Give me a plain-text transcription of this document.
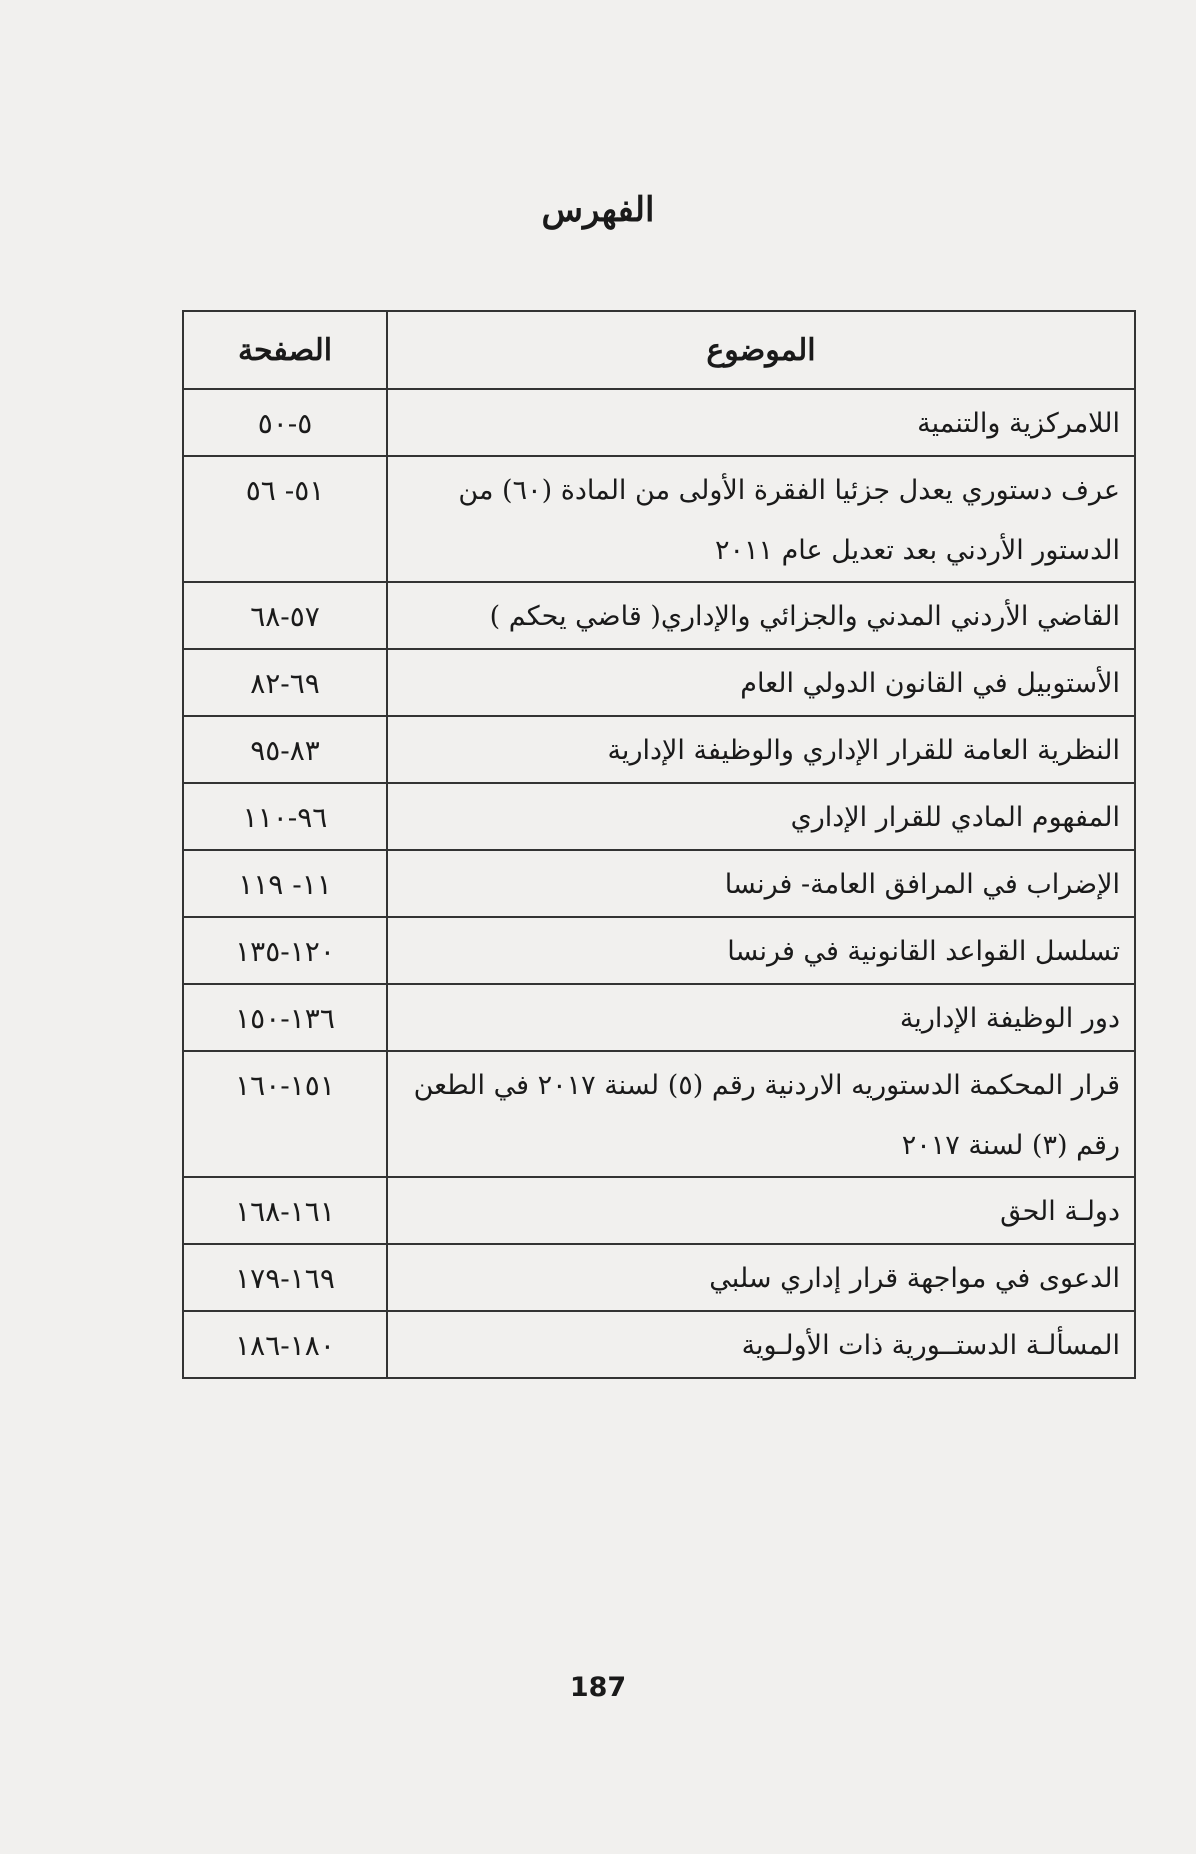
الفهرس
الموضوع	الصفحة
اللامركزية والتنمية	٥-٥٠
عرف دستوري يعدل جزئيا الفقرة الأولى من المادة (٦٠) من الدستور الأردني بعد تعديل عام ٢٠١١	٥١- ٥٦
القاضي الأردني المدني والجزائي والإداري( قاضي يحكم )	٥٧-٦٨
الأستوبيل في القانون الدولي العام	٦٩-٨٢
النظرية العامة للقرار الإداري والوظيفة الإدارية	٨٣-٩٥
المفهوم المادي للقرار الإداري	٩٦-١١٠
الإضراب في المرافق العامة- فرنسا	١١- ١١٩
تسلسل القواعد القانونية في فرنسا	١٢٠-١٣٥
دور الوظيفة الإدارية	١٣٦-١٥٠
قرار المحكمة الدستوريه الاردنية رقم (٥) لسنة ٢٠١٧ في الطعن رقم (٣) لسنة ٢٠١٧	١٥١-١٦٠
دولـة الحق	١٦١-١٦٨
الدعوى في مواجهة قرار إداري سلبي	١٦٩-١٧٩
المسألـة الدستــورية ذات الأولـوية	١٨٠-١٨٦
187
